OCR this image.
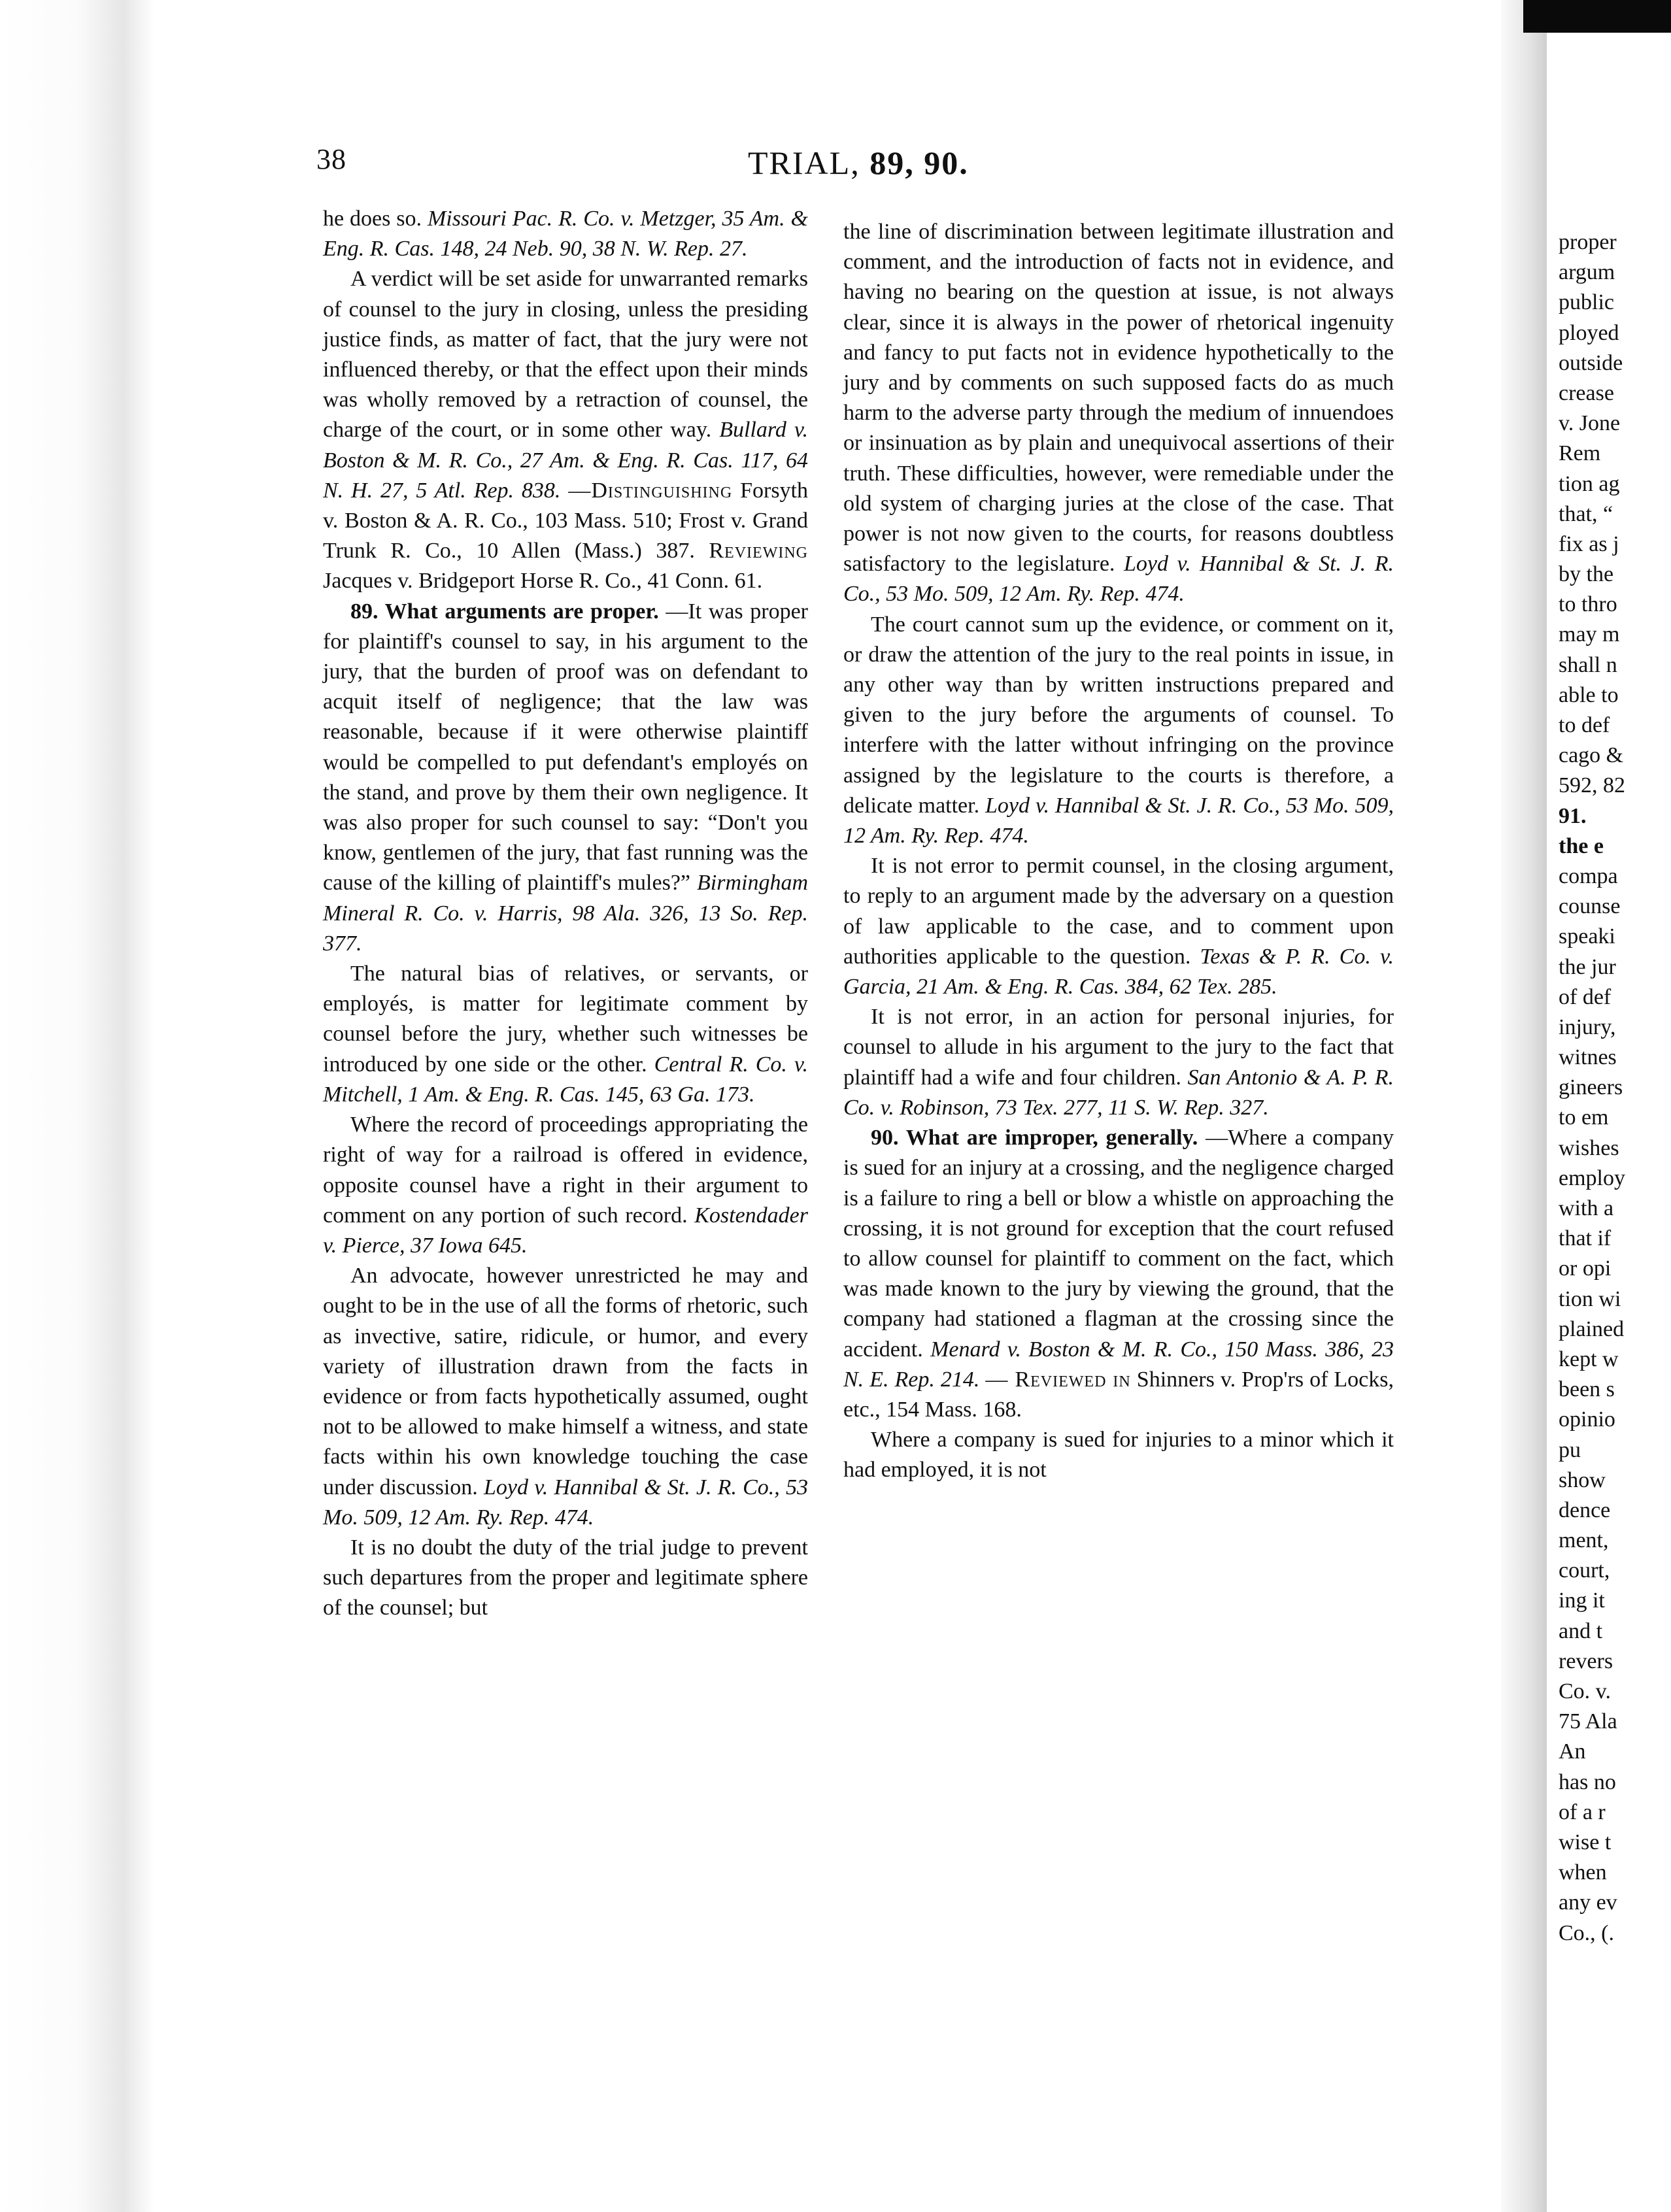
38	TRIAL, 89, 90.

he does so. Missouri Pac. R. Co. v. Metzger, 35 Am. & Eng. R. Cas. 148, 24 Neb. 90, 38 N. W. Rep. 27.

A verdict will be set aside for unwarranted remarks of counsel to the jury in closing, unless the presiding justice finds, as matter of fact, that the jury were not influenced thereby, or that the effect upon their minds was wholly removed by a retraction of counsel, the charge of the court, or in some other way. Bullard v. Boston & M. R. Co., 27 Am. & Eng. R. Cas. 117, 64 N. H. 27, 5 Atl. Rep. 838. —Distinguishing Forsyth v. Boston & A. R. Co., 103 Mass. 510; Frost v. Grand Trunk R. Co., 10 Allen (Mass.) 387. Reviewing Jacques v. Bridgeport Horse R. Co., 41 Conn. 61.

89. What arguments are proper. —It was proper for plaintiff's counsel to say, in his argument to the jury, that the burden of proof was on defendant to acquit itself of negligence; that the law was reasonable, because if it were otherwise plaintiff would be compelled to put defendant's employés on the stand, and prove by them their own negligence. It was also proper for such counsel to say: “Don't you know, gentlemen of the jury, that fast running was the cause of the killing of plaintiff's mules?” Birmingham Mineral R. Co. v. Harris, 98 Ala. 326, 13 So. Rep. 377.

The natural bias of relatives, or servants, or employés, is matter for legitimate comment by counsel before the jury, whether such witnesses be introduced by one side or the other. Central R. Co. v. Mitchell, 1 Am. & Eng. R. Cas. 145, 63 Ga. 173.

Where the record of proceedings appropriating the right of way for a railroad is offered in evidence, opposite counsel have a right in their argument to comment on any portion of such record. Kostendader v. Pierce, 37 Iowa 645.

An advocate, however unrestricted he may and ought to be in the use of all the forms of rhetoric, such as invective, satire, ridicule, or humor, and every variety of illustration drawn from the facts in evidence or from facts hypothetically assumed, ought not to be allowed to make himself a witness, and state facts within his own knowledge touching the case under discussion. Loyd v. Hannibal & St. J. R. Co., 53 Mo. 509, 12 Am. Ry. Rep. 474.

It is no doubt the duty of the trial judge to prevent such departures from the proper and legitimate sphere of the counsel; but

the line of discrimination between legitimate illustration and comment, and the introduction of facts not in evidence, and having no bearing on the question at issue, is not always clear, since it is always in the power of rhetorical ingenuity and fancy to put facts not in evidence hypothetically to the jury and by comments on such supposed facts do as much harm to the adverse party through the medium of innuendoes or insinuation as by plain and unequivocal assertions of their truth. These difficulties, however, were remediable under the old system of charging juries at the close of the case. That power is not now given to the courts, for reasons doubtless satisfactory to the legislature. Loyd v. Hannibal & St. J. R. Co., 53 Mo. 509, 12 Am. Ry. Rep. 474.

The court cannot sum up the evidence, or comment on it, or draw the attention of the jury to the real points in issue, in any other way than by written instructions prepared and given to the jury before the arguments of counsel. To interfere with the latter without infringing on the province assigned by the legislature to the courts is therefore, a delicate matter. Loyd v. Hannibal & St. J. R. Co., 53 Mo. 509, 12 Am. Ry. Rep. 474.

It is not error to permit counsel, in the closing argument, to reply to an argument made by the adversary on a question of law applicable to the case, and to comment upon authorities applicable to the question. Texas & P. R. Co. v. Garcia, 21 Am. & Eng. R. Cas. 384, 62 Tex. 285.

It is not error, in an action for personal injuries, for counsel to allude in his argument to the jury to the fact that plaintiff had a wife and four children. San Antonio & A. P. R. Co. v. Robinson, 73 Tex. 277, 11 S. W. Rep. 327.

90. What are improper, generally. —Where a company is sued for an injury at a crossing, and the negligence charged is a failure to ring a bell or blow a whistle on approaching the crossing, it is not ground for exception that the court refused to allow counsel for plaintiff to comment on the fact, which was made known to the jury by viewing the ground, that the company had stationed a flagman at the crossing since the accident. Menard v. Boston & M. R. Co., 150 Mass. 386, 23 N. E. Rep. 214. — Reviewed in Shinners v. Prop'rs of Locks, etc., 154 Mass. 168.

Where a company is sued for injuries to a minor which it had employed, it is not

proper
argum
public
ployed
outside
crease
v. Jone
Rem
tion ag
that, “
fix as j
by the
to thro
may m
shall n
able to
to def
cago &
592, 82
91.
the e
compa
counse
speaki
the jur
of def
injury,
witnes
gineers
to em
wishes
employ
with a
that if
or opi
tion wi
plained
kept w
been s
opinio
pu
show
dence
ment,
court,
ing it
and t
revers
Co. v.
75 Ala
An
has no
of a r
wise t
when
any ev
Co., (.
